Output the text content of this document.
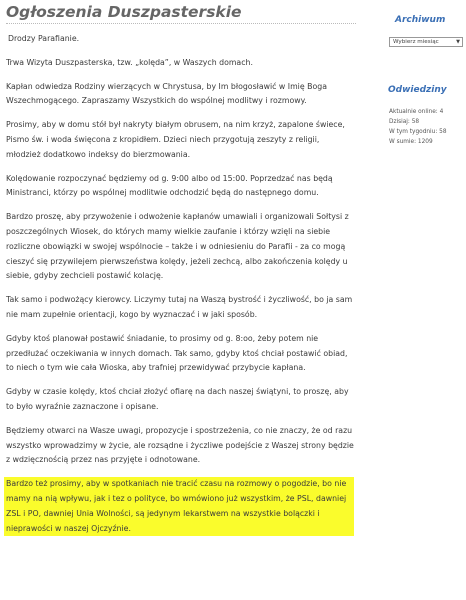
Ogłoszenia Duszpasterskie

Drodzy Parafianie.

Trwa Wizyta Duszpasterska, tzw. „kolęda”, w Waszych domach.

Kapłan odwiedza Rodziny wierzących w Chrystusa, by Im błogosławić w Imię Boga Wszechmogącego. Zapraszamy Wszystkich do wspólnej modlitwy i rozmowy.

Prosimy, aby w domu stół był nakryty białym obrusem, na nim krzyż, zapalone świece, Pismo św. i woda święcona z kropidłem. Dzieci niech przygotują zeszyty z religii, młodzież dodatkowo indeksy do bierzmowania.

Kolędowanie rozpoczynać będziemy od g. 9:00 albo od 15:00. Poprzedzać nas będą Ministranci, którzy po wspólnej modlitwie odchodzić będą do następnego domu.

Bardzo proszę, aby przywożenie i odwożenie kapłanów umawiali i organizowali Sołtysi z poszczególnych Wiosek, do których mamy wielkie zaufanie i którzy wzięli na siebie rozliczne obowiązki w swojej wspólnocie – także i w odniesieniu do Parafii - za co mogą cieszyć się przywilejem pierwszeństwa kolędy, jeżeli zechcą, albo zakończenia kolędy u siebie, gdyby zechcieli postawić kolację.

Tak samo i podwożący kierowcy. Liczymy tutaj na Waszą bystrość i życzliwość, bo ja sam nie mam zupełnie orientacji, kogo by wyznaczać i w jaki sposób.

Gdyby ktoś planował postawić śniadanie, to prosimy od g. 8:oo, żeby potem nie przedłużać oczekiwania w innych domach. Tak samo, gdyby ktoś chciał postawić obiad, to niech o tym wie cała Wioska, aby trafniej przewidywać przybycie kapłana.

Gdyby w czasie kolędy, ktoś chciał złożyć ofiarę na dach naszej świątyni, to proszę, aby to było wyraźnie zaznaczone i opisane.

Będziemy otwarci na Wasze uwagi, propozycje i spostrzeżenia, co nie znaczy, że od razu wszystko wprowadzimy w życie, ale rozsądne i życzliwe podejście z Waszej strony będzie z wdzięcznością przez nas przyjęte i odnotowane.

Bardzo też prosimy, aby w spotkaniach nie tracić czasu na rozmowy o pogodzie, bo nie mamy na nią wpływu, jak i tez o polityce, bo wmówiono już wszystkim, że PSL, dawniej ZSL i PO, dawniej Unia Wolności, są jedynym lekarstwem na wszystkie bolączki i nieprawości w naszej Ojczyźnie.

Archiwum
Wybierz miesiąc	▼
Odwiedziny
Aktualnie online: 4
Dzisiaj: 58
W tym tygodniu: 58
W sumie: 1209
